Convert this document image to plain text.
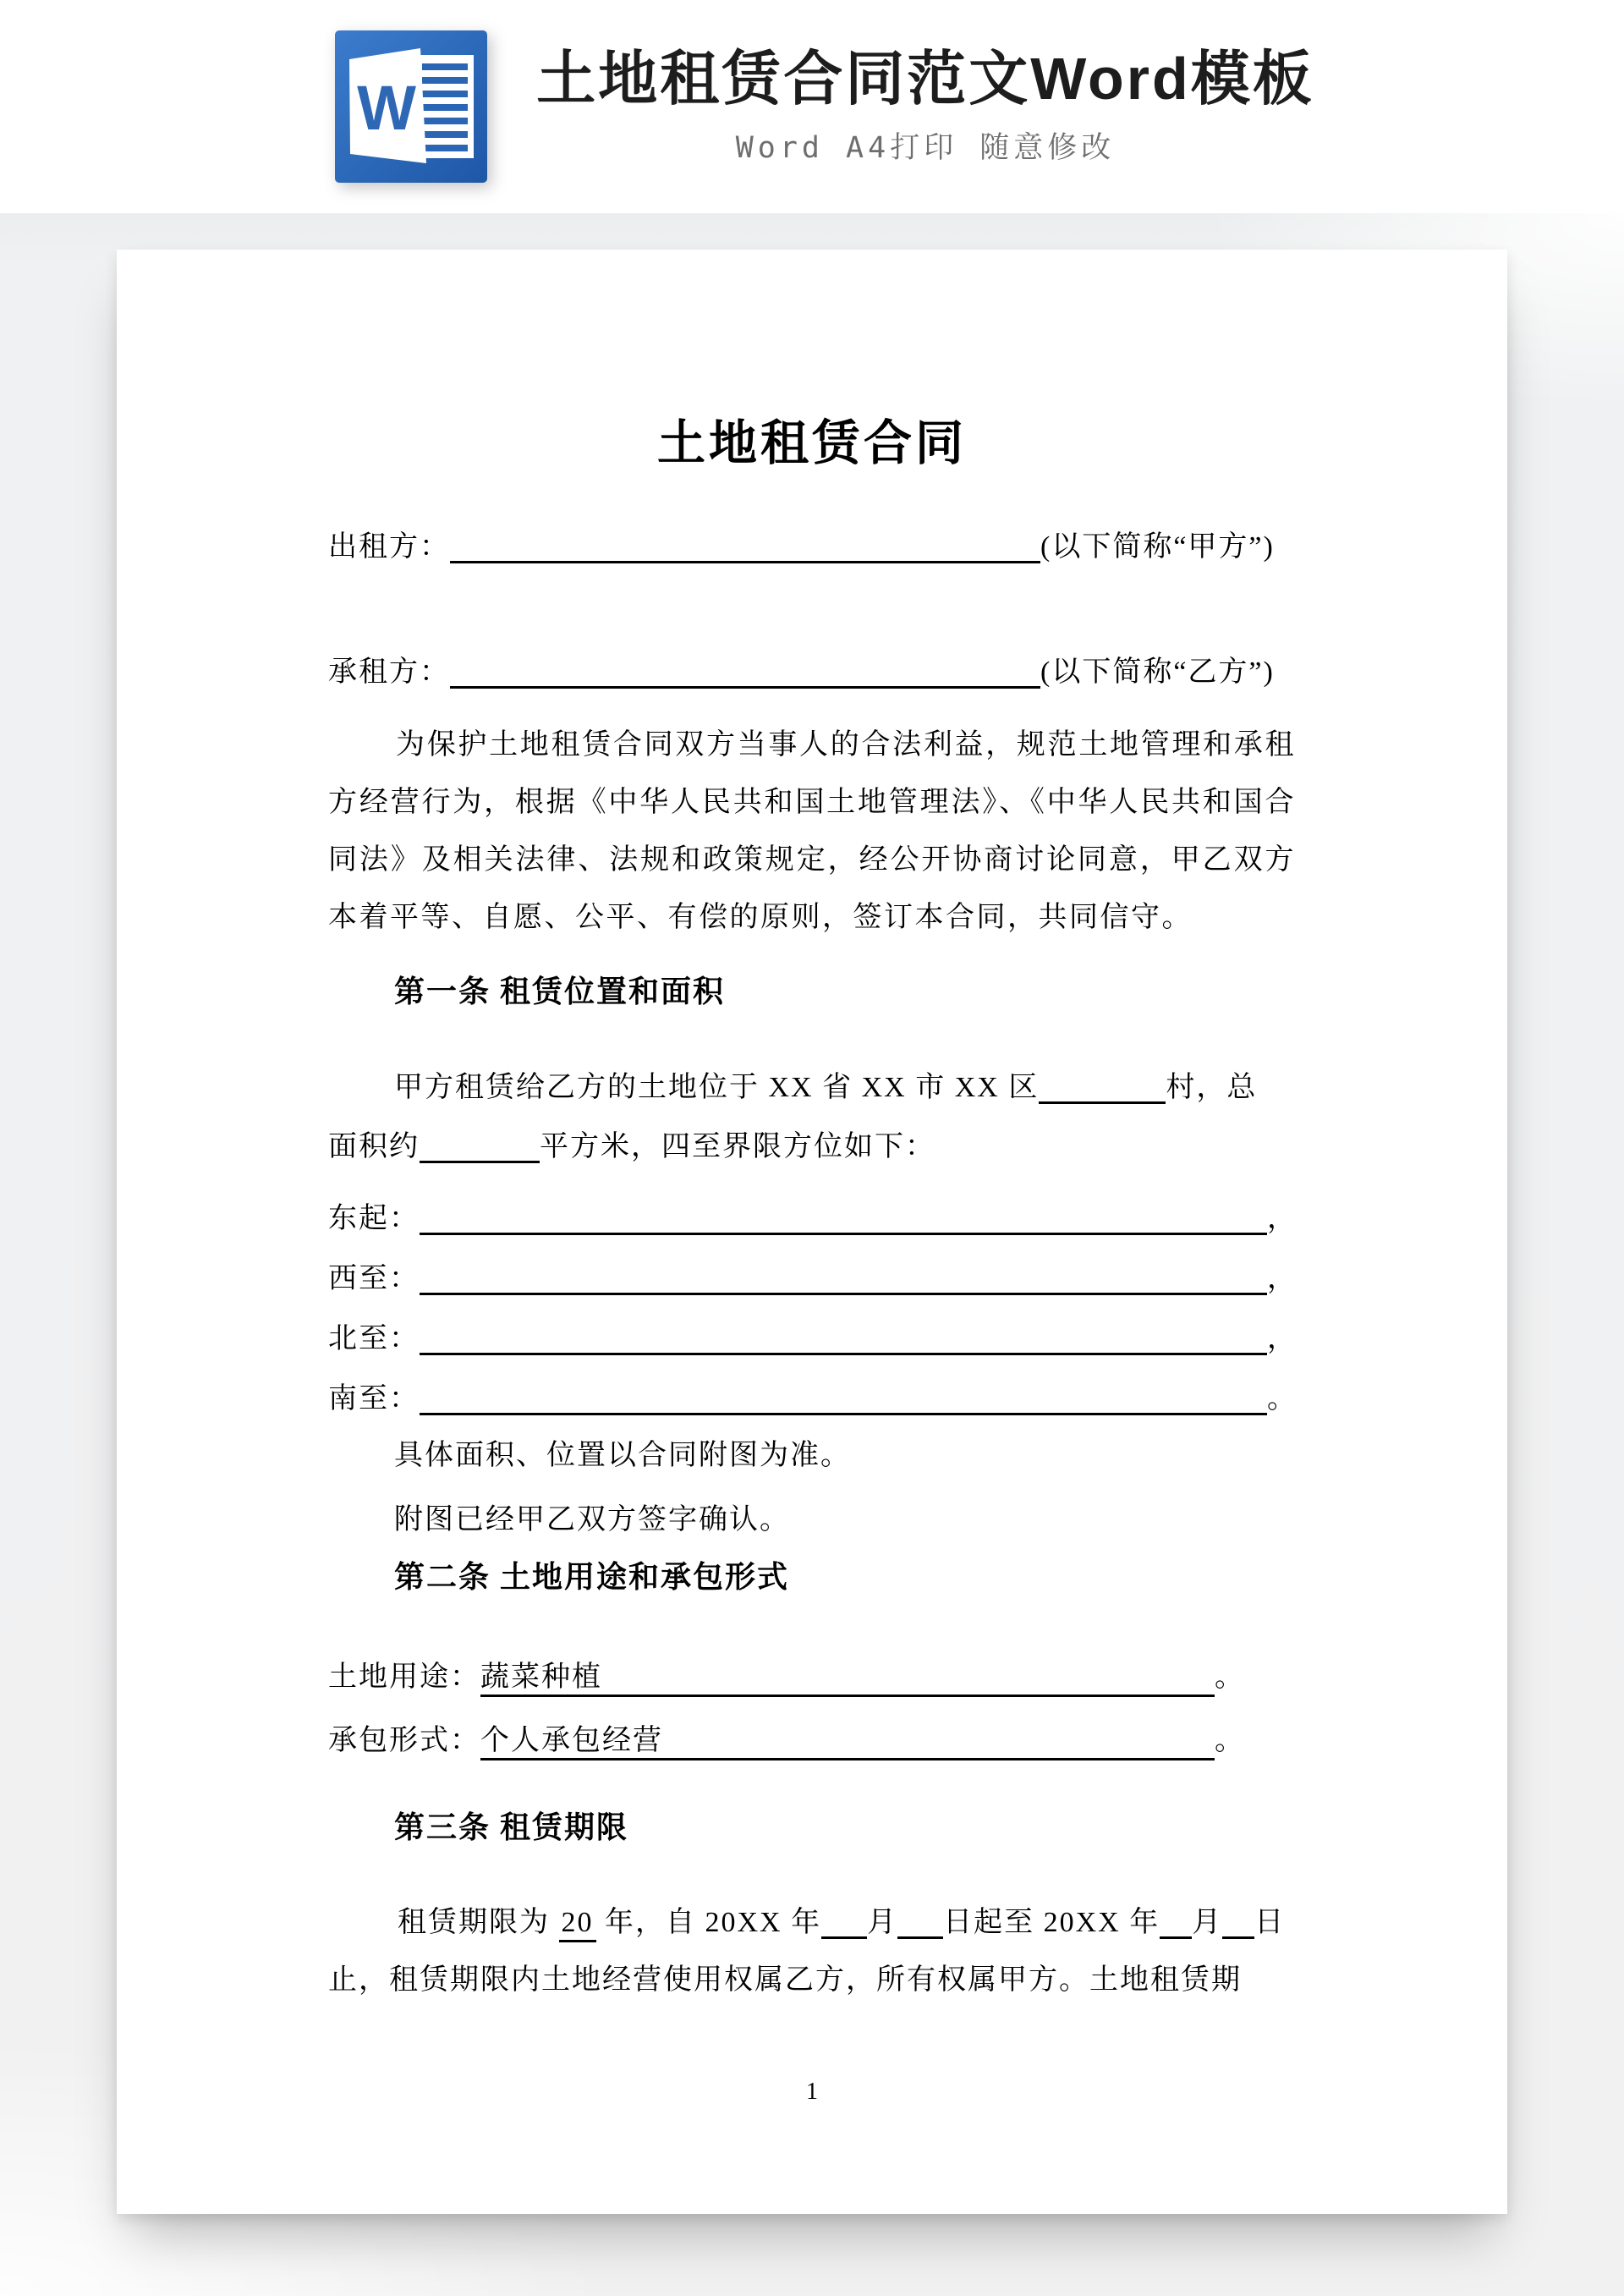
W 土地租赁合同范文Word模板
Word A4打印 随意修改
土地租赁合同
出租方：	(以下简称“甲方”)
承租方：	(以下简称“乙方”)

为保护土地租赁合同双方当事人的合法利益，规范土地管理和承租方经营行为，根据《中华人民共和国土地管理法》、《中华人民共和国合同法》及相关法律、法规和政策规定，经公开协商讨论同意，甲乙双方本着平等、自愿、公平、有偿的原则，签订本合同，共同信守。

第一条 租赁位置和面积
甲方租赁给乙方的土地位于 XX 省 XX 市 XX 区	村，总
面积约	平方米，四至界限方位如下：
东起：	，
西至：	，
北至：	，
南至：	。
具体面积、位置以合同附图为准。
附图已经甲乙双方签字确认。
第二条 土地用途和承包形式
土地用途：蔬菜种植	。
承包形式：个人承包经营	。
第三条 租赁期限
租赁期限为 20 年，自 20XX 年 月 日起至 20XX 年 月 日
止，租赁期限内土地经营使用权属乙方，所有权属甲方。土地租赁期
1
